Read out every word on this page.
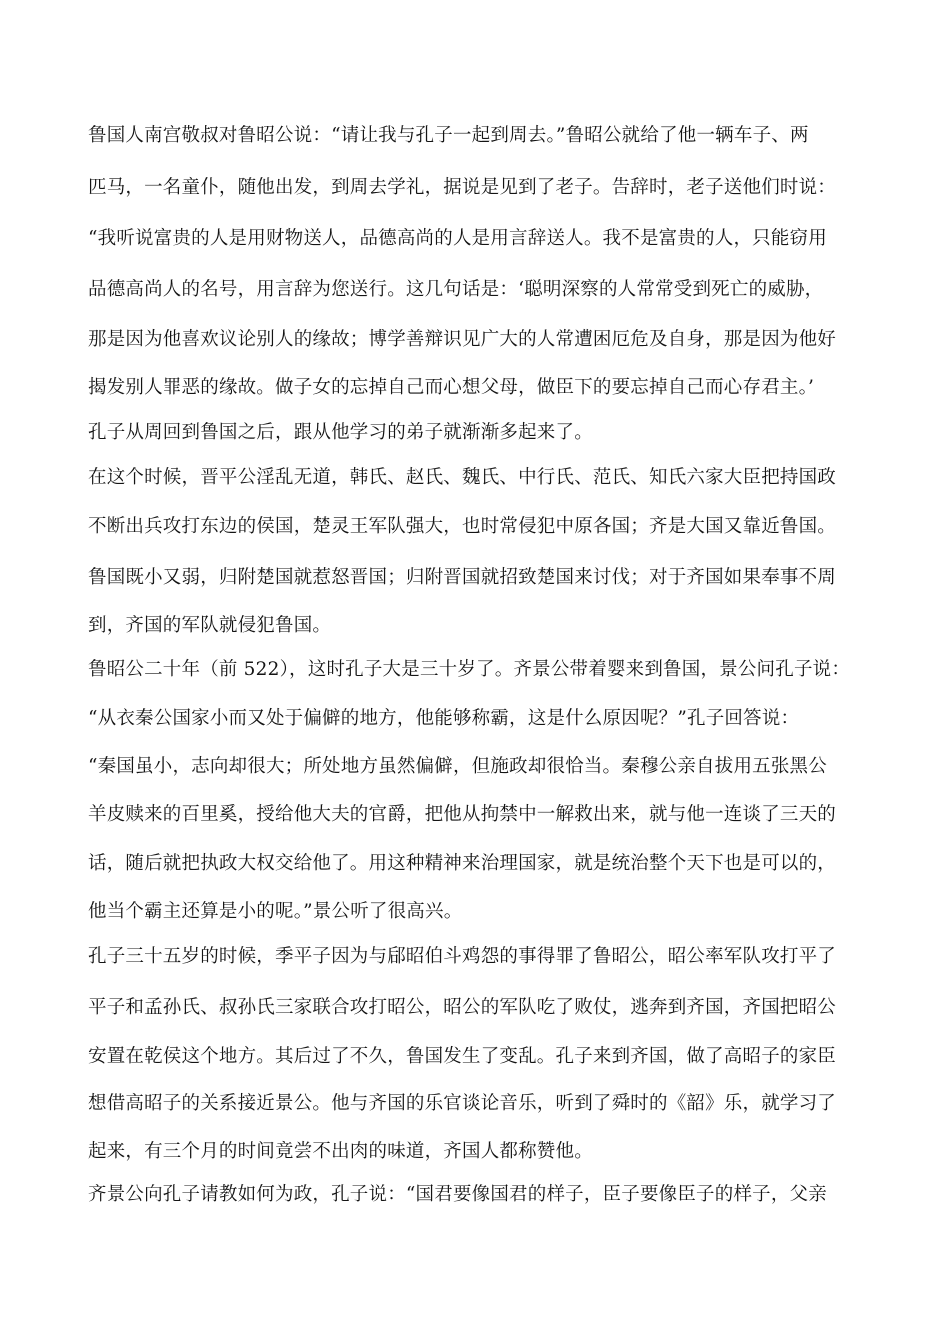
鲁国人南宫敬叔对鲁昭公说：“请让我与孔子一起到周去。”鲁昭公就给了他一辆车子、两
匹马，一名童仆，随他出发，到周去学礼，据说是见到了老子。告辞时，老子送他们时说：
“我听说富贵的人是用财物送人，品德高尚的人是用言辞送人。我不是富贵的人，只能窃用
品德高尚人的名号，用言辞为您送行。这几句话是：‘聪明深察的人常常受到死亡的威胁，
那是因为他喜欢议论别人的缘故；博学善辩识见广大的人常遭困厄危及自身，那是因为他好
揭发别人罪恶的缘故。做子女的忘掉自己而心想父母，做臣下的要忘掉自己而心存君主。’
孔子从周回到鲁国之后，跟从他学习的弟子就渐渐多起来了。
在这个时候，晋平公淫乱无道，韩氏、赵氏、魏氏、中行氏、范氏、知氏六家大臣把持国政
不断出兵攻打东边的侯国，楚灵王军队强大，也时常侵犯中原各国；齐是大国又靠近鲁国。
鲁国既小又弱，归附楚国就惹怒晋国；归附晋国就招致楚国来讨伐；对于齐国如果奉事不周
到，齐国的军队就侵犯鲁国。
鲁昭公二十年（前 522），这时孔子大是三十岁了。齐景公带着婴来到鲁国，景公问孔子说：
“从衣秦公国家小而又处于偏僻的地方，他能够称霸，这是什么原因呢？”孔子回答说：
“秦国虽小，志向却很大；所处地方虽然偏僻，但施政却很恰当。秦穆公亲自拔用五张黑公
羊皮赎来的百里奚，授给他大夫的官爵，把他从拘禁中一解救出来，就与他一连谈了三天的
话，随后就把执政大权交给他了。用这种精神来治理国家，就是统治整个天下也是可以的，
他当个霸主还算是小的呢。”景公听了很高兴。
孔子三十五岁的时候，季平子因为与郈昭伯斗鸡怨的事得罪了鲁昭公，昭公率军队攻打平了
平子和孟孙氏、叔孙氏三家联合攻打昭公，昭公的军队吃了败仗，逃奔到齐国，齐国把昭公
安置在乾侯这个地方。其后过了不久，鲁国发生了变乱。孔子来到齐国，做了高昭子的家臣
想借高昭子的关系接近景公。他与齐国的乐官谈论音乐，听到了舜时的《韶》乐，就学习了
起来，有三个月的时间竟尝不出肉的味道，齐国人都称赞他。
齐景公向孔子请教如何为政，孔子说：“国君要像国君的样子，臣子要像臣子的样子，父亲
